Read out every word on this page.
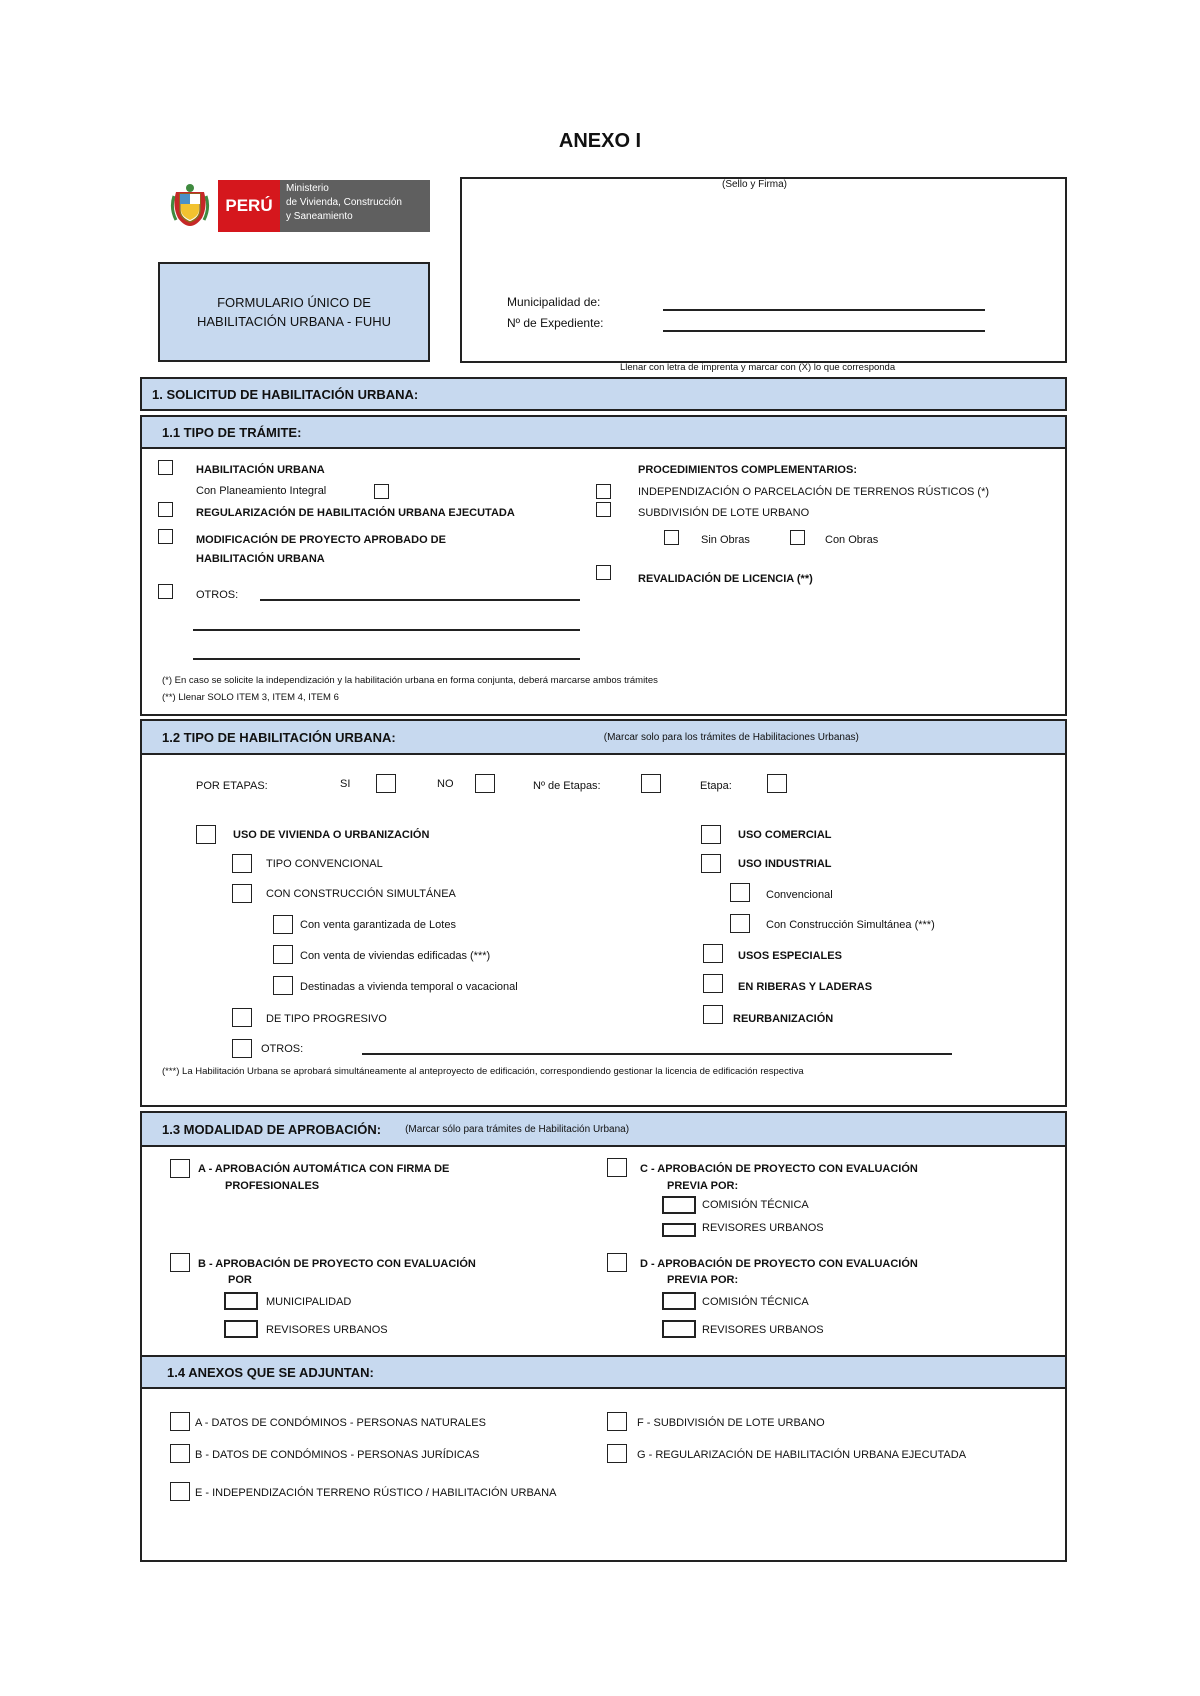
ANEXO I
PERÚ
Ministerio
de Vivienda, Construcción
y Saneamiento
FORMULARIO ÚNICO DE
HABILITACIÓN URBANA - FUHU
(Sello y Firma)
Municipalidad de:
Nº de Expediente:
Llenar con letra de imprenta y marcar con (X) lo que corresponda
1. SOLICITUD DE HABILITACIÓN URBANA:
1.1 TIPO DE TRÁMITE:
HABILITACIÓN URBANA
Con Planeamiento Integral
REGULARIZACIÓN DE HABILITACIÓN URBANA EJECUTADA
MODIFICACIÓN DE PROYECTO APROBADO DE
HABILITACIÓN URBANA
OTROS:
PROCEDIMIENTOS COMPLEMENTARIOS:
INDEPENDIZACIÓN O PARCELACIÓN DE TERRENOS RÚSTICOS (*)
SUBDIVISIÓN DE LOTE URBANO
Sin Obras	Con Obras
REVALIDACIÓN DE LICENCIA (**)
(*) En caso se solicite la independización y la habilitación urbana en forma conjunta, deberá marcarse ambos trámites
(**) Llenar SOLO ITEM 3, ITEM 4, ITEM 6
1.2 TIPO DE HABILITACIÓN URBANA:	(Marcar solo para los trámites de Habilitaciones Urbanas)
POR ETAPAS:	SI	NO	Nº de Etapas:	Etapa:
USO DE VIVIENDA O URBANIZACIÓN
TIPO CONVENCIONAL
CON CONSTRUCCIÓN SIMULTÁNEA
Con venta garantizada de Lotes
Con venta de viviendas edificadas (***)
Destinadas a vivienda temporal o vacacional
DE TIPO PROGRESIVO
OTROS:
USO COMERCIAL
USO INDUSTRIAL
Convencional
Con Construcción Simultánea (***)
USOS ESPECIALES
EN RIBERAS Y LADERAS
REURBANIZACIÓN
(***) La Habilitación Urbana se aprobará simultáneamente al anteproyecto de edificación, correspondiendo gestionar la licencia de edificación respectiva
1.3 MODALIDAD DE APROBACIÓN: (Marcar sólo para trámites de Habilitación Urbana)
A - APROBACIÓN AUTOMÁTICA CON FIRMA DE
PROFESIONALES
B - APROBACIÓN DE PROYECTO CON EVALUACIÓN
POR
MUNICIPALIDAD
REVISORES URBANOS
C - APROBACIÓN DE PROYECTO CON EVALUACIÓN
PREVIA POR:
COMISIÓN TÉCNICA
REVISORES URBANOS
D - APROBACIÓN DE PROYECTO CON EVALUACIÓN
PREVIA POR:
COMISIÓN TÉCNICA
REVISORES URBANOS
1.4 ANEXOS QUE SE ADJUNTAN:
A - DATOS DE CONDÓMINOS - PERSONAS NATURALES
B - DATOS DE CONDÓMINOS - PERSONAS JURÍDICAS
E - INDEPENDIZACIÓN TERRENO RÚSTICO / HABILITACIÓN URBANA
F - SUBDIVISIÓN DE LOTE URBANO
G - REGULARIZACIÓN DE HABILITACIÓN URBANA EJECUTADA
